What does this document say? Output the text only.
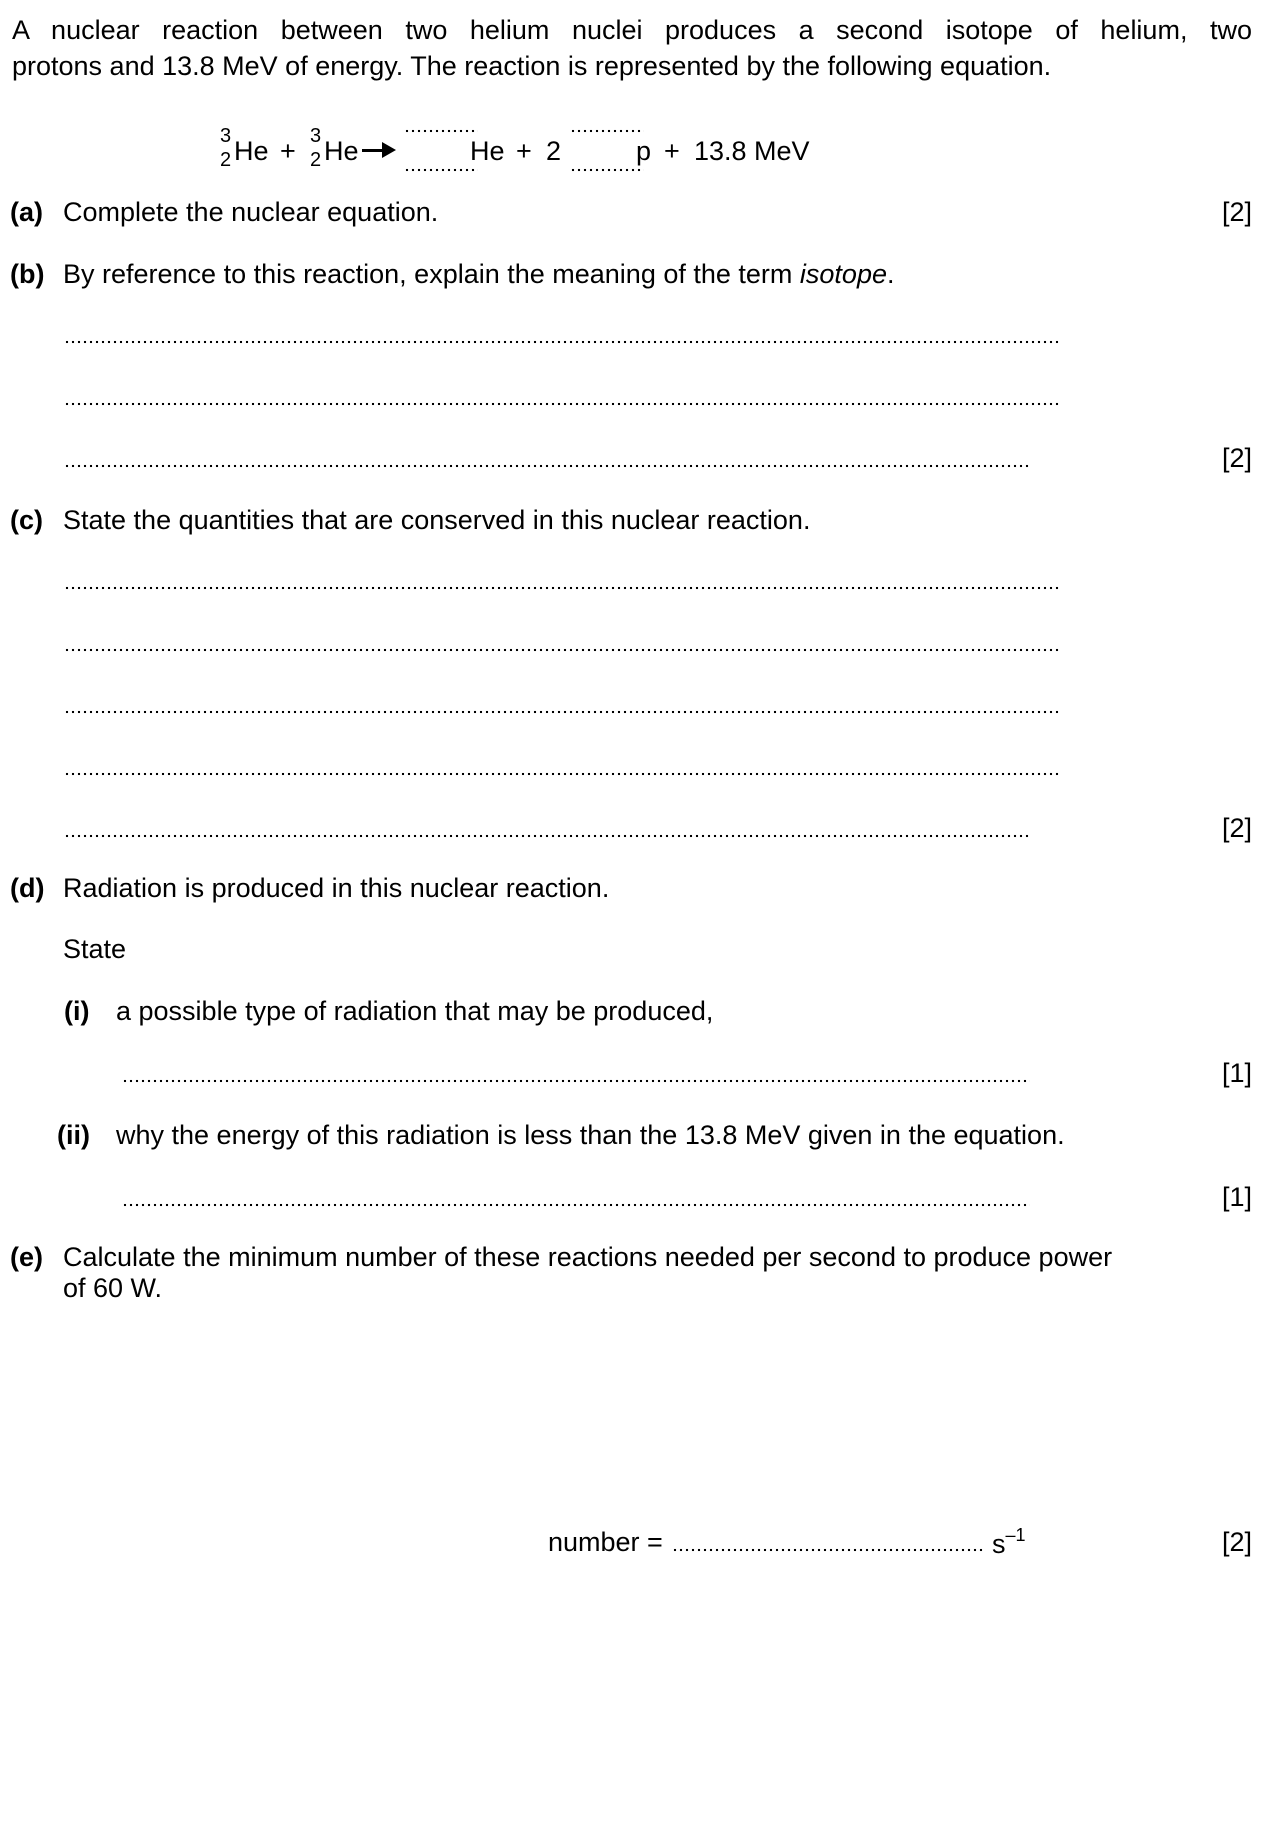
A nuclear reaction between two helium nuclei produces a second isotope of helium, two
protons and 13.8 MeV of energy. The reaction is represented by the following equation.
3
2 He + 3
2 He	He + 2	p + 13.8 MeV
(a) Complete the nuclear equation.	[2]
(b) By reference to this reaction, explain the meaning of the term isotope.
[2]
(c) State the quantities that are conserved in this nuclear reaction.
[2]
(d) Radiation is produced in this nuclear reaction.
State
(i) a possible type of radiation that may be produced,
[1]
(ii) why the energy of this radiation is less than the 13.8 MeV given in the equation.
[1]
(e) Calculate the minimum number of these reactions needed per second to produce power
of 60 W.
number =	$s^{-1}$	[2]
